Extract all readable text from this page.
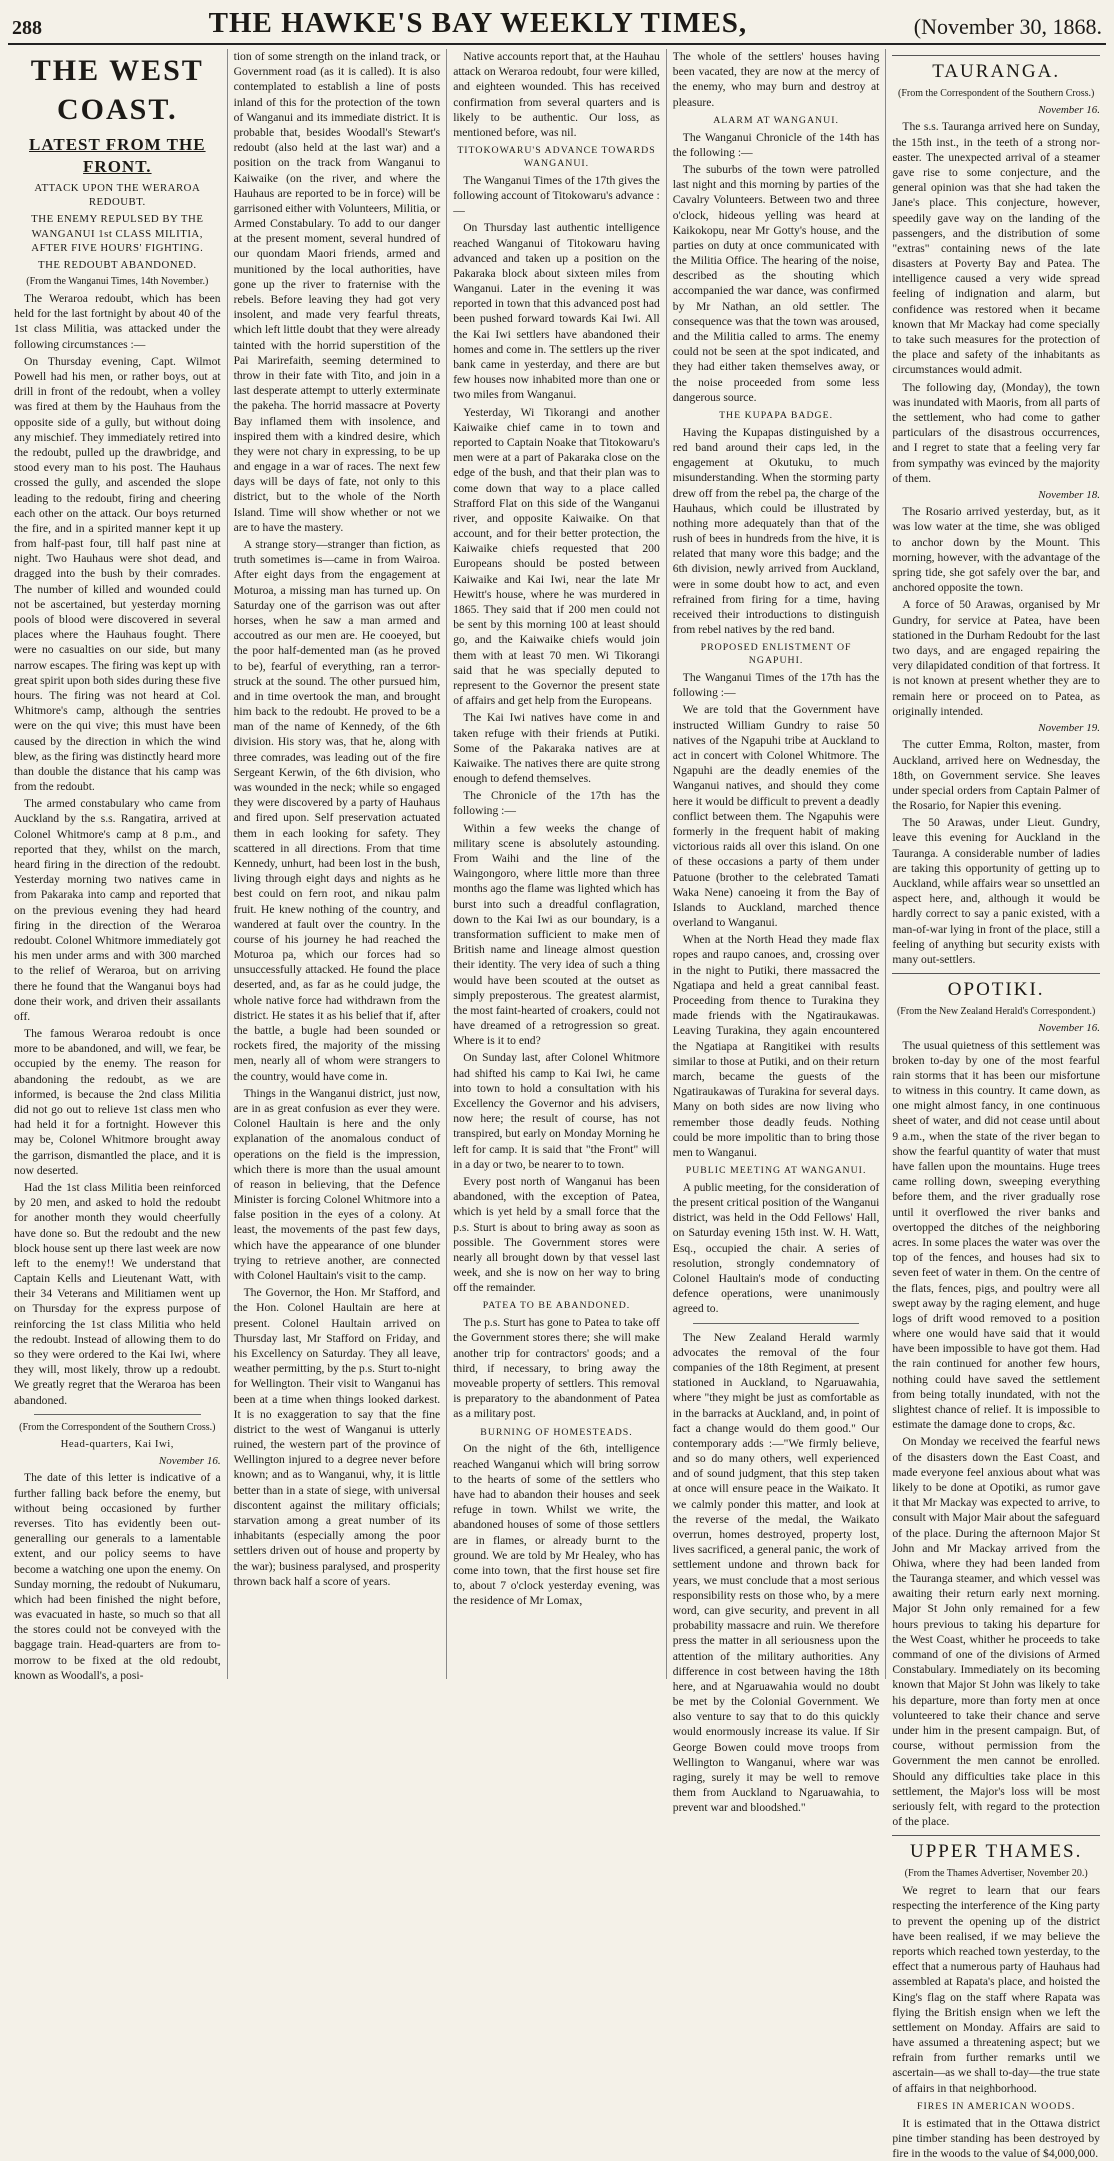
288	THE HAWKE'S BAY WEEKLY TIMES,	(November 30, 1868.
THE WEST COAST.
LATEST FROM THE FRONT.
ATTACK UPON THE WERAROA REDOUBT.
THE ENEMY REPULSED BY THE WANGANUI 1st CLASS MILITIA, AFTER FIVE HOURS' FIGHTING.
THE REDOUBT ABANDONED.
(From the Wanganui Times, 14th November.)

The Weraroa redoubt, which has been held for the last fortnight by about 40 of the 1st class Militia, was attacked under the following circumstances :—

On Thursday evening, Capt. Wilmot Powell had his men, or rather boys, out at drill in front of the redoubt, when a volley was fired at them by the Hauhaus from the opposite side of a gully, but without doing any mischief. They immediately retired into the redoubt, pulled up the drawbridge, and stood every man to his post. The Hauhaus crossed the gully, and ascended the slope leading to the redoubt, firing and cheering each other on the attack. Our boys returned the fire, and in a spirited manner kept it up from half-past four, till half past nine at night. Two Hauhaus were shot dead, and dragged into the bush by their comrades. The number of killed and wounded could not be ascertained, but yesterday morning pools of blood were discovered in several places where the Hauhaus fought. There were no casualties on our side, but many narrow escapes. The firing was kept up with great spirit upon both sides during these five hours. The firing was not heard at Col. Whitmore's camp, although the sentries were on the qui vive; this must have been caused by the direction in which the wind blew, as the firing was distinctly heard more than double the distance that his camp was from the redoubt.

The armed constabulary who came from Auckland by the s.s. Rangatira, arrived at Colonel Whitmore's camp at 8 p.m., and reported that they, whilst on the march, heard firing in the direction of the redoubt. Yesterday morning two natives came in from Pakaraka into camp and reported that on the previous evening they had heard firing in the direction of the Weraroa redoubt. Colonel Whitmore immediately got his men under arms and with 300 marched to the relief of Weraroa, but on arriving there he found that the Wanganui boys had done their work, and driven their assailants off.

The famous Weraroa redoubt is once more to be abandoned, and will, we fear, be occupied by the enemy. The reason for abandoning the redoubt, as we are informed, is because the 2nd class Militia did not go out to relieve 1st class men who had held it for a fortnight. However this may be, Colonel Whitmore brought away the garrison, dismantled the place, and it is now deserted.

Had the 1st class Militia been reinforced by 20 men, and asked to hold the redoubt for another month they would cheerfully have done so. But the redoubt and the new block house sent up there last week are now left to the enemy!! We understand that Captain Kells and Lieutenant Watt, with their 34 Veterans and Militiamen went up on Thursday for the express purpose of reinforcing the 1st class Militia who held the redoubt. Instead of allowing them to do so they were ordered to the Kai Iwi, where they will, most likely, throw up a redoubt. We greatly regret that the Weraroa has been abandoned.

(From the Correspondent of the Southern Cross.)
Head-quarters, Kai Iwi,
November 16.

The date of this letter is indicative of a further falling back before the enemy, but without being occasioned by further reverses. Tito has evidently been out-generalling our generals to a lamentable extent, and our policy seems to have become a watching one upon the enemy. On Sunday morning, the redoubt of Nukumaru, which had been finished the night before, was evacuated in haste, so much so that all the stores could not be conveyed with the baggage train. Head-quarters are from to-morrow to be fixed at the old redoubt, known as Woodall's, a posi-

tion of some strength on the inland track, or Government road (as it is called). It is also contemplated to establish a line of posts inland of this for the protection of the town of Wanganui and its immediate district. It is probable that, besides Woodall's Stewart's redoubt (also held at the last war) and a position on the track from Wanganui to Kaiwaike (on the river, and where the Hauhaus are reported to be in force) will be garrisoned either with Volunteers, Militia, or Armed Constabulary. To add to our danger at the present moment, several hundred of our quondam Maori friends, armed and munitioned by the local authorities, have gone up the river to fraternise with the rebels. Before leaving they had got very insolent, and made very fearful threats, which left little doubt that they were already tainted with the horrid superstition of the Pai Marirefaith, seeming determined to throw in their fate with Tito, and join in a last desperate attempt to utterly exterminate the pakeha. The horrid massacre at Poverty Bay inflamed them with insolence, and inspired them with a kindred desire, which they were not chary in expressing, to be up and engage in a war of races. The next few days will be days of fate, not only to this district, but to the whole of the North Island. Time will show whether or not we are to have the mastery.

A strange story—stranger than fiction, as truth sometimes is—came in from Wairoa. After eight days from the engagement at Moturoa, a missing man has turned up. On Saturday one of the garrison was out after horses, when he saw a man armed and accoutred as our men are. He cooeyed, but the poor half-demented man (as he proved to be), fearful of everything, ran a terror-struck at the sound. The other pursued him, and in time overtook the man, and brought him back to the redoubt. He proved to be a man of the name of Kennedy, of the 6th division. His story was, that he, along with three comrades, was leading out of the fire Sergeant Kerwin, of the 6th division, who was wounded in the neck; while so engaged they were discovered by a party of Hauhaus and fired upon. Self preservation actuated them in each looking for safety. They scattered in all directions. From that time Kennedy, unhurt, had been lost in the bush, living through eight days and nights as he best could on fern root, and nikau palm fruit. He knew nothing of the country, and wandered at fault over the country. In the course of his journey he had reached the Moturoa pa, which our forces had so unsuccessfully attacked. He found the place deserted, and, as far as he could judge, the whole native force had withdrawn from the district. He states it as his belief that if, after the battle, a bugle had been sounded or rockets fired, the majority of the missing men, nearly all of whom were strangers to the country, would have come in.

Things in the Wanganui district, just now, are in as great confusion as ever they were. Colonel Haultain is here and the only explanation of the anomalous conduct of operations on the field is the impression, which there is more than the usual amount of reason in believing, that the Defence Minister is forcing Colonel Whitmore into a false position in the eyes of a colony. At least, the movements of the past few days, which have the appearance of one blunder trying to retrieve another, are connected with Colonel Haultain's visit to the camp.

The Governor, the Hon. Mr Stafford, and the Hon. Colonel Haultain are here at present. Colonel Haultain arrived on Thursday last, Mr Stafford on Friday, and his Excellency on Saturday. They all leave, weather permitting, by the p.s. Sturt to-night for Wellington. Their visit to Wanganui has been at a time when things looked darkest. It is no exaggeration to say that the fine district to the west of Wanganui is utterly ruined, the western part of the province of Wellington injured to a degree never before known; and as to Wanganui, why, it is little better than in a state of siege, with universal discontent against the military officials; starvation among a great number of its inhabitants (especially among the poor settlers driven out of house and property by the war); business paralysed, and prosperity thrown back half a score of years.

Native accounts report that, at the Hauhau attack on Weraroa redoubt, four were killed, and eighteen wounded. This has received confirmation from several quarters and is likely to be authentic. Our loss, as mentioned before, was nil.

TITOKOWARU'S ADVANCE TOWARDS WANGANUI.

The Wanganui Times of the 17th gives the following account of Titokowaru's advance :—

On Thursday last authentic intelligence reached Wanganui of Titokowaru having advanced and taken up a position on the Pakaraka block about sixteen miles from Wanganui. Later in the evening it was reported in town that this advanced post had been pushed forward towards Kai Iwi. All the Kai Iwi settlers have abandoned their homes and come in. The settlers up the river bank came in yesterday, and there are but few houses now inhabited more than one or two miles from Wanganui.

Yesterday, Wi Tikorangi and another Kaiwaike chief came in to town and reported to Captain Noake that Titokowaru's men were at a part of Pakaraka close on the edge of the bush, and that their plan was to come down that way to a place called Strafford Flat on this side of the Wanganui river, and opposite Kaiwaike. On that account, and for their better protection, the Kaiwaike chiefs requested that 200 Europeans should be posted between Kaiwaike and Kai Iwi, near the late Mr Hewitt's house, where he was murdered in 1865. They said that if 200 men could not be sent by this morning 100 at least should go, and the Kaiwaike chiefs would join them with at least 70 men. Wi Tikorangi said that he was specially deputed to represent to the Governor the present state of affairs and get help from the Europeans.

The Kai Iwi natives have come in and taken refuge with their friends at Putiki. Some of the Pakaraka natives are at Kaiwaike. The natives there are quite strong enough to defend themselves.

The Chronicle of the 17th has the following :—

Within a few weeks the change of military scene is absolutely astounding. From Waihi and the line of the Waingongoro, where little more than three months ago the flame was lighted which has burst into such a dreadful conflagration, down to the Kai Iwi as our boundary, is a transformation sufficient to make men of British name and lineage almost question their identity. The very idea of such a thing would have been scouted at the outset as simply preposterous. The greatest alarmist, the most faint-hearted of croakers, could not have dreamed of a retrogression so great. Where is it to end?

On Sunday last, after Colonel Whitmore had shifted his camp to Kai Iwi, he came into town to hold a consultation with his Excellency the Governor and his advisers, now here; the result of course, has not transpired, but early on Monday Morning he left for camp. It is said that "the Front" will in a day or two, be nearer to to town.

Every post north of Wanganui has been abandoned, with the exception of Patea, which is yet held by a small force that the p.s. Sturt is about to bring away as soon as possible. The Government stores were nearly all brought down by that vessel last week, and she is now on her way to bring off the remainder.

PATEA TO BE ABANDONED.

The p.s. Sturt has gone to Patea to take off the Government stores there; she will make another trip for contractors' goods; and a third, if necessary, to bring away the moveable property of settlers. This removal is preparatory to the abandonment of Patea as a military post.

BURNING OF HOMESTEADS.

On the night of the 6th, intelligence reached Wanganui which will bring sorrow to the hearts of some of the settlers who have had to abandon their houses and seek refuge in town. Whilst we write, the abandoned houses of some of those settlers are in flames, or already burnt to the ground. We are told by Mr Healey, who has come into town, that the first house set fire to, about 7 o'clock yesterday evening, was the residence of Mr Lomax,

The whole of the settlers' houses having been vacated, they are now at the mercy of the enemy, who may burn and destroy at pleasure.

ALARM AT WANGANUI.

The Wanganui Chronicle of the 14th has the following :—

The suburbs of the town were patrolled last night and this morning by parties of the Cavalry Volunteers. Between two and three o'clock, hideous yelling was heard at Kaikokopu, near Mr Gotty's house, and the parties on duty at once communicated with the Militia Office. The hearing of the noise, described as the shouting which accompanied the war dance, was confirmed by Mr Nathan, an old settler. The consequence was that the town was aroused, and the Militia called to arms. The enemy could not be seen at the spot indicated, and they had either taken themselves away, or the noise proceeded from some less dangerous source.

THE KUPAPA BADGE.

Having the Kupapas distinguished by a red band around their caps led, in the engagement at Okutuku, to much misunderstanding. When the storming party drew off from the rebel pa, the charge of the Hauhaus, which could be illustrated by nothing more adequately than that of the rush of bees in hundreds from the hive, it is related that many wore this badge; and the 6th division, newly arrived from Auckland, were in some doubt how to act, and even refrained from firing for a time, having received their introductions to distinguish from rebel natives by the red band.

PROPOSED ENLISTMENT OF NGAPUHI.

The Wanganui Times of the 17th has the following :—

We are told that the Government have instructed William Gundry to raise 50 natives of the Ngapuhi tribe at Auckland to act in concert with Colonel Whitmore. The Ngapuhi are the deadly enemies of the Wanganui natives, and should they come here it would be difficult to prevent a deadly conflict between them. The Ngapuhis were formerly in the frequent habit of making victorious raids all over this island. On one of these occasions a party of them under Patuone (brother to the celebrated Tamati Waka Nene) canoeing it from the Bay of Islands to Auckland, marched thence overland to Wanganui.

When at the North Head they made flax ropes and raupo canoes, and, crossing over in the night to Putiki, there massacred the Ngatiapa and held a great cannibal feast. Proceeding from thence to Turakina they made friends with the Ngatiraukawas. Leaving Turakina, they again encountered the Ngatiapa at Rangitikei with results similar to those at Putiki, and on their return march, became the guests of the Ngatiraukawas of Turakina for several days. Many on both sides are now living who remember those deadly feuds. Nothing could be more impolitic than to bring those men to Wanganui.

PUBLIC MEETING AT WANGANUI.

A public meeting, for the consideration of the present critical position of the Wanganui district, was held in the Odd Fellows' Hall, on Saturday evening 15th inst. W. H. Watt, Esq., occupied the chair. A series of resolution, strongly condemnatory of Colonel Haultain's mode of conducting defence operations, were unanimously agreed to.

The New Zealand Herald warmly advocates the removal of the four companies of the 18th Regiment, at present stationed in Auckland, to Ngaruawahia, where "they might be just as comfortable as in the barracks at Auckland, and, in point of fact a change would do them good." Our contemporary adds :—"We firmly believe, and so do many others, well experienced and of sound judgment, that this step taken at once will ensure peace in the Waikato. It we calmly ponder this matter, and look at the reverse of the medal, the Waikato overrun, homes destroyed, property lost, lives sacrificed, a general panic, the work of settlement undone and thrown back for years, we must conclude that a most serious responsibility rests on those who, by a mere word, can give security, and prevent in all probability massacre and ruin. We therefore press the matter in all seriousness upon the attention of the military authorities. Any difference in cost between having the 18th here, and at Ngaruawahia would no doubt be met by the Colonial Government. We also venture to say that to do this quickly would enormously increase its value. If Sir George Bowen could move troops from Wellington to Wanganui, where war was raging, surely it may be well to remove them from Auckland to Ngaruawahia, to prevent war and bloodshed."

TAURANGA.
(From the Correspondent of the Southern Cross.)
November 16.

The s.s. Tauranga arrived here on Sunday, the 15th inst., in the teeth of a strong nor-easter. The unexpected arrival of a steamer gave rise to some conjecture, and the general opinion was that she had taken the Jane's place. This conjecture, however, speedily gave way on the landing of the passengers, and the distribution of some "extras" containing news of the late disasters at Poverty Bay and Patea. The intelligence caused a very wide spread feeling of indignation and alarm, but confidence was restored when it became known that Mr Mackay had come specially to take such measures for the protection of the place and safety of the inhabitants as circumstances would admit.

The following day, (Monday), the town was inundated with Maoris, from all parts of the settlement, who had come to gather particulars of the disastrous occurrences, and I regret to state that a feeling very far from sympathy was evinced by the majority of them.

November 18.

The Rosario arrived yesterday, but, as it was low water at the time, she was obliged to anchor down by the Mount. This morning, however, with the advantage of the spring tide, she got safely over the bar, and anchored opposite the town.

A force of 50 Arawas, organised by Mr Gundry, for service at Patea, have been stationed in the Durham Redoubt for the last two days, and are engaged repairing the very dilapidated condition of that fortress. It is not known at present whether they are to remain here or proceed on to Patea, as originally intended.

November 19.

The cutter Emma, Rolton, master, from Auckland, arrived here on Wednesday, the 18th, on Government service. She leaves under special orders from Captain Palmer of the Rosario, for Napier this evening.

The 50 Arawas, under Lieut. Gundry, leave this evening for Auckland in the Tauranga. A considerable number of ladies are taking this opportunity of getting up to Auckland, while affairs wear so unsettled an aspect here, and, although it would be hardly correct to say a panic existed, with a man-of-war lying in front of the place, still a feeling of anything but security exists with many out-settlers.

OPOTIKI.
(From the New Zealand Herald's Correspondent.)
November 16.

The usual quietness of this settlement was broken to-day by one of the most fearful rain storms that it has been our misfortune to witness in this country. It came down, as one might almost fancy, in one continuous sheet of water, and did not cease until about 9 a.m., when the state of the river began to show the fearful quantity of water that must have fallen upon the mountains. Huge trees came rolling down, sweeping everything before them, and the river gradually rose until it overflowed the river banks and overtopped the ditches of the neighboring acres. In some places the water was over the top of the fences, and houses had six to seven feet of water in them. On the centre of the flats, fences, pigs, and poultry were all swept away by the raging element, and huge logs of drift wood removed to a position where one would have said that it would have been impossible to have got them. Had the rain continued for another few hours, nothing could have saved the settlement from being totally inundated, with not the slightest chance of relief. It is impossible to estimate the damage done to crops, &c.

On Monday we received the fearful news of the disasters down the East Coast, and made everyone feel anxious about what was likely to be done at Opotiki, as rumor gave it that Mr Mackay was expected to arrive, to consult with Major Mair about the safeguard of the place. During the afternoon Major St John and Mr Mackay arrived from the Ohiwa, where they had been landed from the Tauranga steamer, and which vessel was awaiting their return early next morning. Major St John only remained for a few hours previous to taking his departure for the West Coast, whither he proceeds to take command of one of the divisions of Armed Constabulary. Immediately on its becoming known that Major St John was likely to take his departure, more than forty men at once volunteered to take their chance and serve under him in the present campaign. But, of course, without permission from the Government the men cannot be enrolled. Should any difficulties take place in this settlement, the Major's loss will be most seriously felt, with regard to the protection of the place.

UPPER THAMES.
(From the Thames Advertiser, November 20.)

We regret to learn that our fears respecting the interference of the King party to prevent the opening up of the district have been realised, if we may believe the reports which reached town yesterday, to the effect that a numerous party of Hauhaus had assembled at Rapata's place, and hoisted the King's flag on the staff where Rapata was flying the British ensign when we left the settlement on Monday. Affairs are said to have assumed a threatening aspect; but we refrain from further remarks until we ascertain—as we shall to-day—the true state of affairs in that neighborhood.

FIRES IN AMERICAN WOODS.

It is estimated that in the Ottawa district pine timber standing has been destroyed by fire in the woods to the value of $4,000,000.
